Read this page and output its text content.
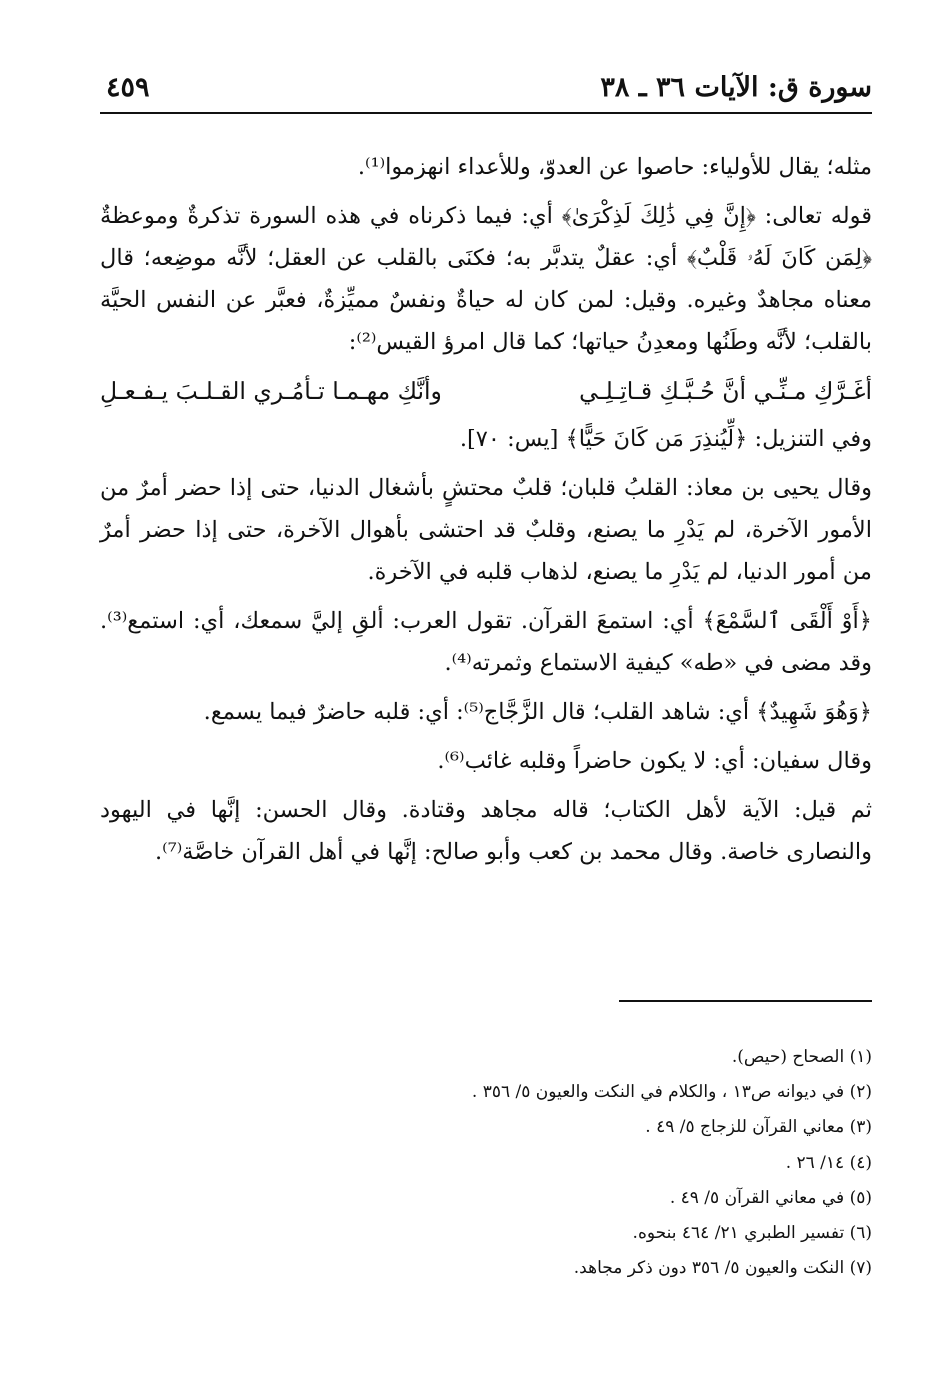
سورة ق: الآيات ٣٦ ـ ٣٨
٤٥٩

مثله؛ يقال للأولياء: حاصوا عن العدوّ، وللأعداء انهزموا⁽¹⁾.

قوله تعالى: ﴿إِنَّ فِي ذَٰلِكَ لَذِكْرَىٰ﴾ أي: فيما ذكرناه في هذه السورة تذكرةٌ وموعظةٌ ﴿لِمَن كَانَ لَهُۥ قَلْبٌ﴾ أي: عقلٌ يتدبَّر به؛ فكنَى بالقلب عن العقل؛ لأنَّه موضِعه؛ قال معناه مجاهدٌ وغيره. وقيل: لمن كان له حياةٌ ونفسٌ مميِّزةٌ، فعبَّر عن النفس الحيَّة بالقلب؛ لأنَّه وطَنُها ومعدِنُ حياتها؛ كما قال امرؤ القيس⁽²⁾:

أغَـرَّكِ مـنِّـي أنَّ حُـبَّـكِ قـاتِـلِـي
وأنَّكِ مهـمـا تـأمُـري القـلـبَ يـفـعـلِ

وفي التنزيل: ﴿لِّيُنذِرَ مَن كَانَ حَيًّا﴾ [يس: ٧٠].

وقال يحيى بن معاذ: القلبُ قلبان؛ قلبٌ محتشٍ بأشغال الدنيا، حتى إذا حضر أمرٌ من الأمور الآخرة، لم يَدْرِ ما يصنع، وقلبٌ قد احتشى بأهوال الآخرة، حتى إذا حضر أمرٌ من أمور الدنيا، لم يَدْرِ ما يصنع، لذهاب قلبه في الآخرة.

﴿أَوْ أَلْقَى ٱلسَّمْعَ﴾ أي: استمعَ القرآن. تقول العرب: ألقِ إليَّ سمعك، أي: استمع⁽³⁾. وقد مضى في «طه» كيفية الاستماع وثمرته⁽⁴⁾.

﴿وَهُوَ شَهِيدٌ﴾ أي: شاهد القلب؛ قال الزَّجَّاج⁽⁵⁾: أي: قلبه حاضرٌ فيما يسمع.

وقال سفيان: أي: لا يكون حاضراً وقلبه غائب⁽⁶⁾.

ثم قيل: الآية لأهل الكتاب؛ قاله مجاهد وقتادة. وقال الحسن: إنَّها في اليهود والنصارى خاصة. وقال محمد بن كعب وأبو صالح: إنَّها في أهل القرآن خاصَّة⁽⁷⁾.

(١) الصحاح (حيص).

(٢) في ديوانه ص١٣ ، والكلام في النكت والعيون ٥/ ٣٥٦ .

(٣) معاني القرآن للزجاج ٥/ ٤٩ .

(٤) ١٤/ ٢٦ .

(٥) في معاني القرآن ٥/ ٤٩ .

(٦) تفسير الطبري ٢١/ ٤٦٤ بنحوه.

(٧) النكت والعيون ٥/ ٣٥٦ دون ذكر مجاهد.
